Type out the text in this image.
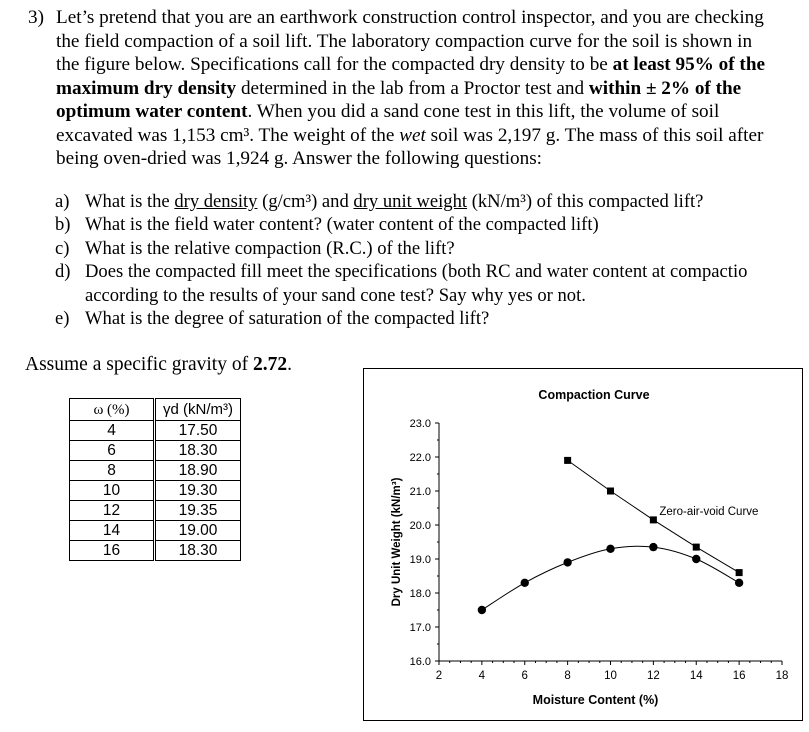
3) Let’s pretend that you are an earthwork construction control inspector, and you are checking
the field compaction of a soil lift. The laboratory compaction curve for the soil is shown in
the figure below. Specifications call for the compacted dry density to be at least 95% of the
maximum dry density determined in the lab from a Proctor test and within ± 2% of the
optimum water content. When you did a sand cone test in this lift, the volume of soil
excavated was 1,153 cm³. The weight of the wet soil was 2,197 g. The mass of this soil after
being oven-dried was 1,924 g. Answer the following questions:
a) What is the dry density (g/cm³) and dry unit weight (kN/m³) of this compacted lift?
b) What is the field water content? (water content of the compacted lift)
c) What is the relative compaction (R.C.) of the lift?
d) Does the compacted fill meet the specifications (both RC and water content at compactio
according to the results of your sand cone test? Say why yes or not.
e) What is the degree of saturation of the compacted lift?
Assume a specific gravity of 2.72.
ω (%)	γd (kN/m³)
4	17.50
6	18.30
8	18.90
10	19.30
12	19.35
14	19.00
16	18.30
16.0
17.0
18.0
19.0
20.0
21.0
22.0
23.0
2	4	6	8	10	12	14	16	18
Compaction Curve
Moisture Content (%)
Dry Unit Weight (kN/m³)	Zero-air-void Curve
